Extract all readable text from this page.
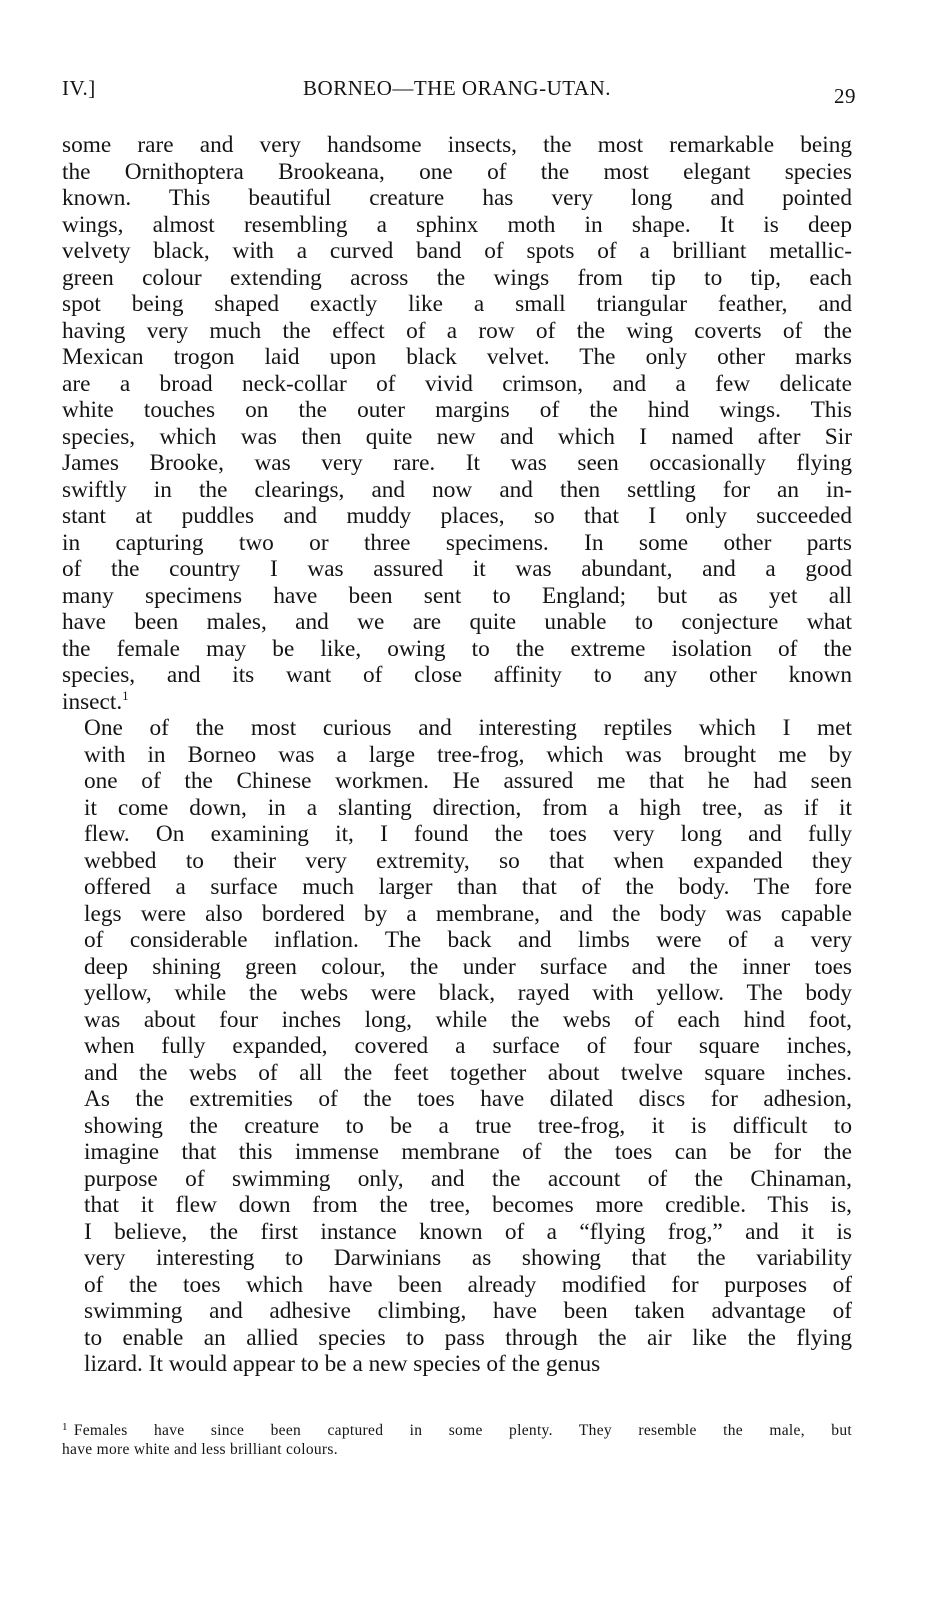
IV.]	BORNEO—THE ORANG-UTAN.	29

some rare and very handsome insects, the most remarkable being
the Ornithoptera Brookeana, one of the most elegant species
known. This beautiful creature has very long and pointed
wings, almost resembling a sphinx moth in shape. It is deep
velvety black, with a curved band of spots of a brilliant metallic-
green colour extending across the wings from tip to tip, each
spot being shaped exactly like a small triangular feather, and
having very much the effect of a row of the wing coverts of the
Mexican trogon laid upon black velvet. The only other marks
are a broad neck-collar of vivid crimson, and a few delicate
white touches on the outer margins of the hind wings. This
species, which was then quite new and which I named after Sir
James Brooke, was very rare. It was seen occasionally flying
swiftly in the clearings, and now and then settling for an in-
stant at puddles and muddy places, so that I only succeeded
in capturing two or three specimens. In some other parts
of the country I was assured it was abundant, and a good
many specimens have been sent to England; but as yet all
have been males, and we are quite unable to conjecture what
the female may be like, owing to the extreme isolation of the
species, and its want of close affinity to any other known
insect.$^1$

One of the most curious and interesting reptiles which I met
with in Borneo was a large tree-frog, which was brought me by
one of the Chinese workmen. He assured me that he had seen
it come down, in a slanting direction, from a high tree, as if it
flew. On examining it, I found the toes very long and fully
webbed to their very extremity, so that when expanded they
offered a surface much larger than that of the body. The fore
legs were also bordered by a membrane, and the body was capable
of considerable inflation. The back and limbs were of a very
deep shining green colour, the under surface and the inner toes
yellow, while the webs were black, rayed with yellow. The body
was about four inches long, while the webs of each hind foot,
when fully expanded, covered a surface of four square inches,
and the webs of all the feet together about twelve square inches.
As the extremities of the toes have dilated discs for adhesion,
showing the creature to be a true tree-frog, it is difficult to
imagine that this immense membrane of the toes can be for the
purpose of swimming only, and the account of the Chinaman,
that it flew down from the tree, becomes more credible. This is,
I believe, the first instance known of a “flying frog,” and it is
very interesting to Darwinians as showing that the variability
of the toes which have been already modified for purposes of
swimming and adhesive climbing, have been taken advantage of
to enable an allied species to pass through the air like the flying
lizard. It would appear to be a new species of the genus

$^1$ Females have since been captured in some plenty. They resemble the male, but
have more white and less brilliant colours.
